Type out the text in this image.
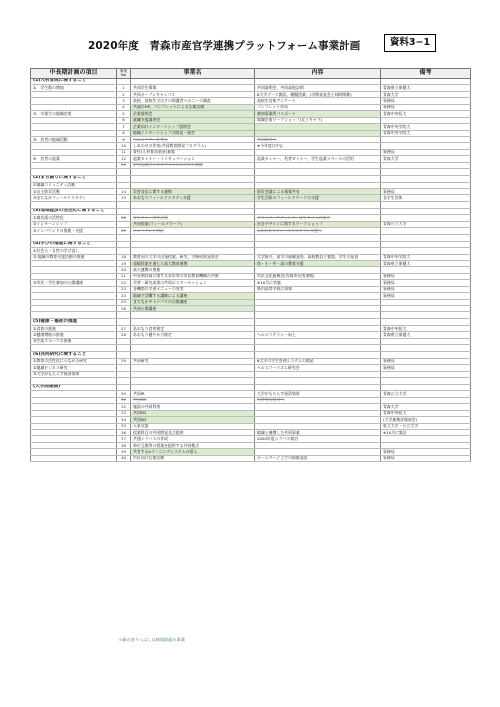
2020年度　青森市産官学連携プラットフォーム事業計画	資料3−1
中長期計画の項目	事業No	事業名	内容	備考
(1)人材育成に関すること				
①　学生数の増加	1	共同学生募集	共同説明会、共同高校訪問	青森県立保健大
	2	共同オープンキャンパス	6大学ブース開設、模擬授業、(学修発表会と同時開催)	青森大学
	3	高校、高校生又はその保護者へのニーズ調査	高校生対象アンケート	事務局
	4	共通のHP、パンフレットによる広報活動	パンフレット作成	事務局
②　卒業生の地域定着	5	企業説明会	参加事業所パスポート	青森中央短大
	6	就職支援講習会	地域定着ワークショップ(女子キャリ)	
	7	企業向けインターンシップ説明会		青森中央学院大
	8	地域インターンシップの開発・運営		青森中央学院大
③　若者の地域活動	9	ヘルスケアーを考え	共同研究へ	
	10	しあわせの作家(共同教育開発プログラム)	※今年度は中止	
	11	寄付(人材育成基金)募集		事務局
④　若者の起業	12	起業セミナー・インキュベーション	起業セミナー、若者ゼミナー、学生起業スペースの活用	青森大学
	13	学生起業ビジネスプランコンテスト開催		

(2)まち創りに関すること				
①地域コミュニティ活動				
②自主防災活動	14	災害対応に関する連携	防災会議による情報共有	事務局
③まちなかフィールドスタディ	15	あおもりフィールドスタディ支援	学生団体のフィールドワークの支援	各学生団体

(3)地域経済の活性化に関すること				
①商店街の活性化	16	まちゼミ・学生企画	テストマーケティング、まちゼミへの協力	
②インターンシップ		共同授業(フィールドワーク)	社会デザインに関するワークショップ	青森公立大学
③インバウンドの推進・支援	17	インバウンド対応	※あおもりフィールドスタディ支援へ	

(4)学びの推進に関すること				
①社会人・女性の学び直し				
② 地域の教育支援活動の推進	18	教育向の大学の出張授業、研究、学修成果発表会	大学紹介、留学の経験発表、高校教員と懇談、学生の発表	青森中央学院大
	19	遠隔授業を通じた高大教育連携	幼・小・中・高の教育支援	青森県立保健大
	20	高大連携の推進		
	21	中長期計画に関する若年等の市民教育機構の共催	市民文化振興会(青森市民図書館)	事務局
③市民・学生参加の公開講座	22	学習・研究成果の共同ポスターセッション	※10月に実施	事務局
	23	各機関の学習メニューの充実	県内高等学校に周知	事務局
	24	地域で活躍する講師による講座		事務局
	25	まちなかキャンパスの公開講座		
	26	共同公開講座		

(5)健康・福祉の推進				
①食育の推進	27	あおもり食育検定		青森中央短大
②健康増進の推進	28	あおもり健やか力検定	ヘルスリテラシー向上	青森県立保健大
③生涯スポーツの推進				

(6)共同研究に関すること				
①教育の活性化につながる研究	29	共同研究	6大学の学生管理システムの開発	事務局
②地域ビジネス研究			ヘルスツーリズム研究会	事務局
③大学がもたらす経済効果				

(大学間連携)				
	30	共同IR	大学がもたらす経済効果	青森公立大学
	31	共同SD	人材育成基金へ	
	32	施設の共同利用		青森大学
	33	共同FD		青森中央短大
	34	共同SD		(大学連携評価部会)
	35	人事交流		私立大学・公立大学
	36	授業科目の共同開発及び提供	地域と連携した共同事業	※10月に集計
	37	共通シラバスの作成	2020年度シラバス検討	
	38	単位互換等の授業を提供する共同拠点		
	39	共有するeラーニングシステムの導入		事務局
	40	市民向け広報活動	ホームページ上での情報発信	事務局
＊緑の塗りつぶしは新規取組み事業
